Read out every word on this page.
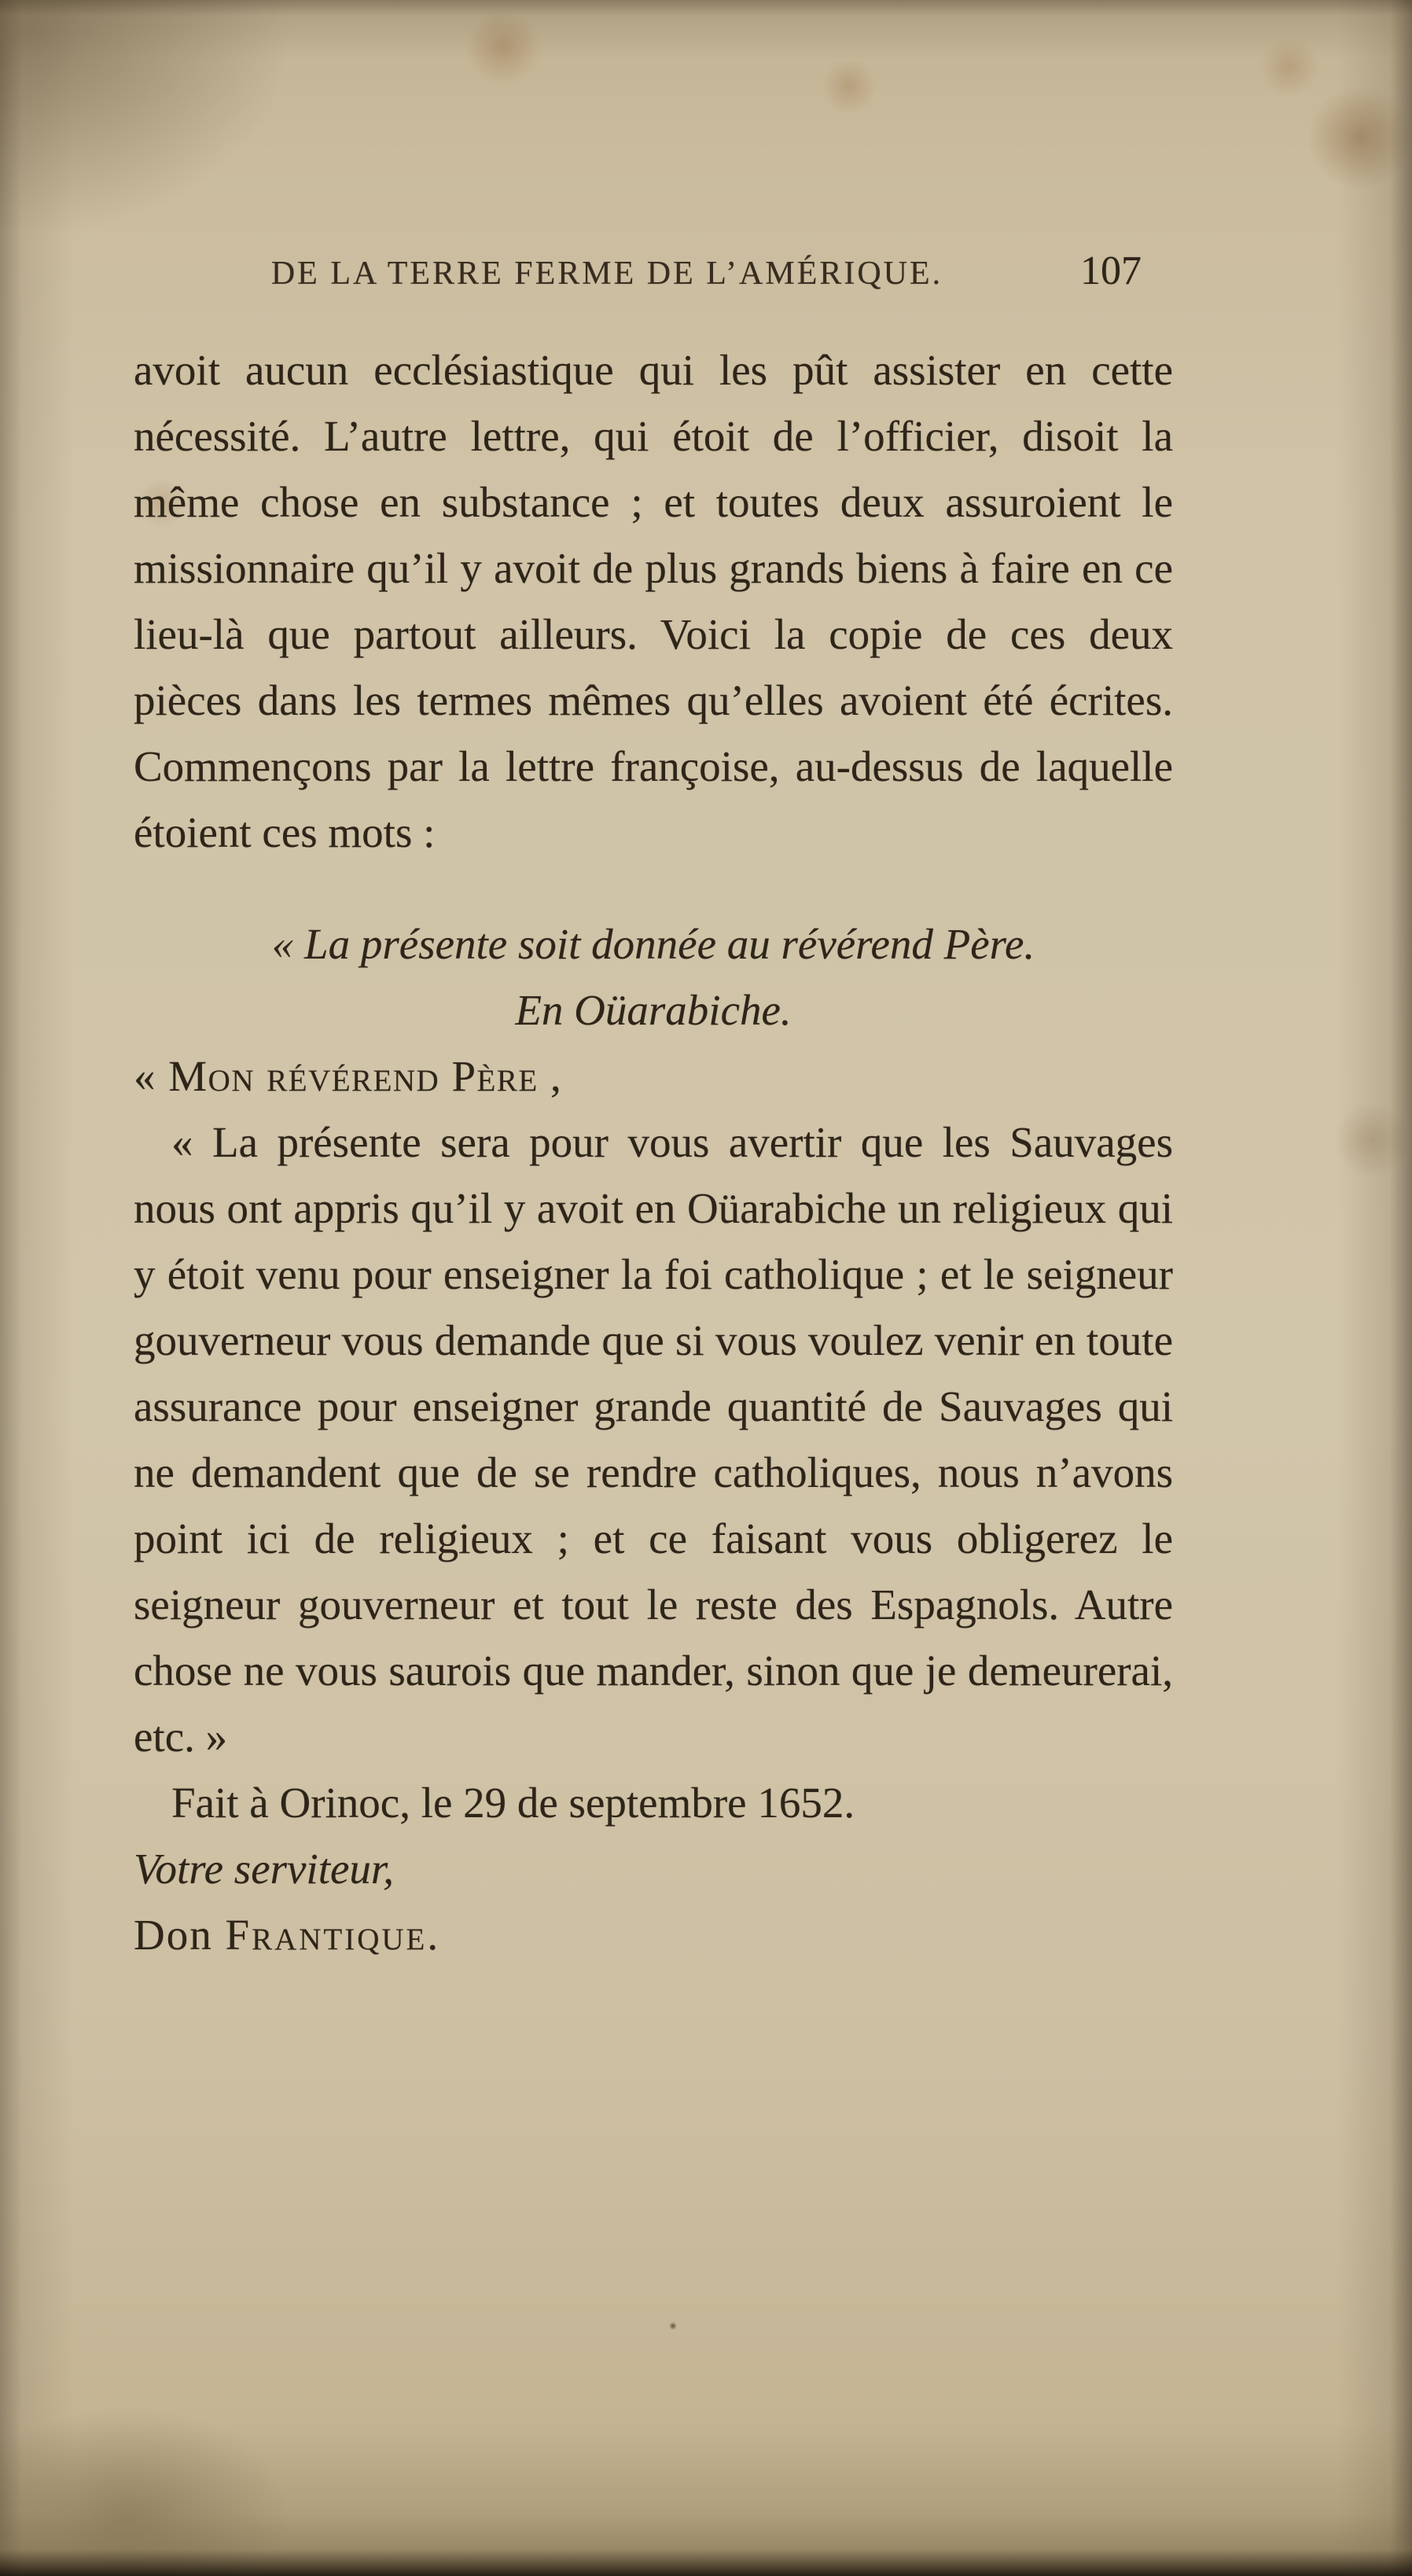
DE LA TERRE FERME DE L’AMÉRIQUE.	107

avoit aucun ecclésiastique qui les pût assister en cette nécessité. L’autre lettre, qui étoit de l’officier, disoit la même chose en substance ; et toutes deux assuroient le missionnaire qu’il y avoit de plus grands biens à faire en ce lieu-là que partout ailleurs. Voici la copie de ces deux pièces dans les termes mêmes qu’elles avoient été écrites. Commençons par la lettre françoise, au-dessus de laquelle étoient ces mots :

« La présente soit donnée au révérend Père.

En Oüarabiche.

« Mon révérend Père ,

« La présente sera pour vous avertir que les Sauvages nous ont appris qu’il y avoit en Oüarabiche un religieux qui y étoit venu pour enseigner la foi catholique ; et le seigneur gouverneur vous demande que si vous voulez venir en toute assurance pour enseigner grande quantité de Sauvages qui ne demandent que de se rendre catholiques, nous n’avons point ici de religieux ; et ce faisant vous obligerez le seigneur gouverneur et tout le reste des Espagnols. Autre chose ne vous saurois que mander, sinon que je demeurerai, etc. »

Fait à Orinoc, le 29 de septembre 1652.

Votre serviteur,

Don Frantique.
